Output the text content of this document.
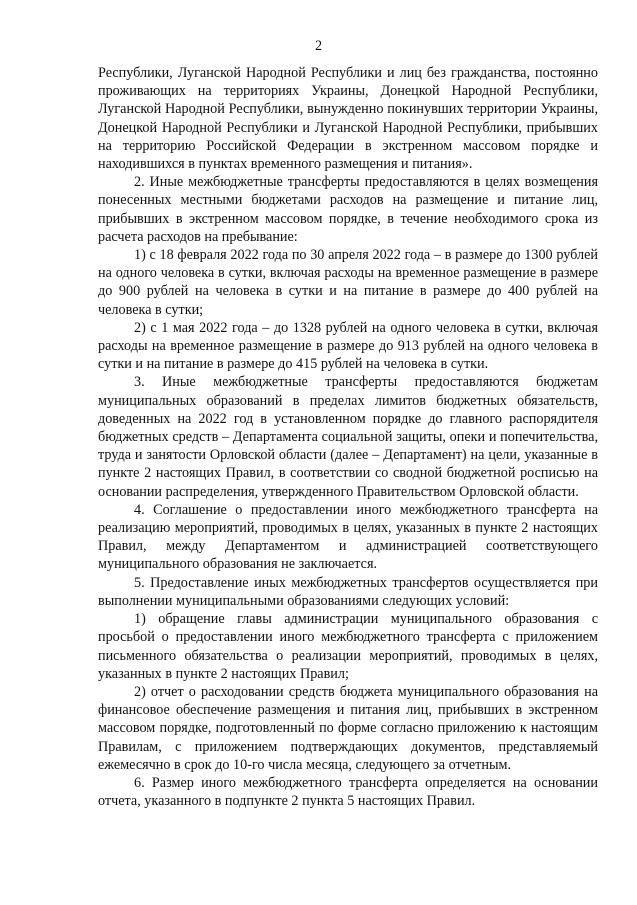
2

Республики, Луганской Народной Республики и лиц без гражданства, постоянно проживающих на территориях Украины, Донецкой Народной Республики, Луганской Народной Республики, вынужденно покинувших территории Украины, Донецкой Народной Республики и Луганской Народной Республики, прибывших на территорию Российской Федерации в экстренном массовом порядке и находившихся в пунктах временного размещения и питания».

2. Иные межбюджетные трансферты предоставляются в целях возмещения понесенных местными бюджетами расходов на размещение и питание лиц, прибывших в экстренном массовом порядке, в течение необходимого срока из расчета расходов на пребывание:

1) с 18 февраля 2022 года по 30 апреля 2022 года – в размере до 1300 рублей на одного человека в сутки, включая расходы на временное размещение в размере до 900 рублей на человека в сутки и на питание в размере до 400 рублей на человека в сутки;

2) с 1 мая 2022 года – до 1328 рублей на одного человека в сутки, включая расходы на временное размещение в размере до 913 рублей на одного человека в сутки и на питание в размере до 415 рублей на человека в сутки.

3. Иные межбюджетные трансферты предоставляются бюджетам муниципальных образований в пределах лимитов бюджетных обязательств, доведенных на 2022 год в установленном порядке до главного распорядителя бюджетных средств – Департамента социальной защиты, опеки и попечительства, труда и занятости Орловской области (далее – Департамент) на цели, указанные в пункте 2 настоящих Правил, в соответствии со сводной бюджетной росписью на основании распределения, утвержденного Правительством Орловской области.

4. Соглашение о предоставлении иного межбюджетного трансферта на реализацию мероприятий, проводимых в целях, указанных в пункте 2 настоящих Правил, между Департаментом и администрацией соответствующего муниципального образования не заключается.

5. Предоставление иных межбюджетных трансфертов осуществляется при выполнении муниципальными образованиями следующих условий:

1) обращение главы администрации муниципального образования с просьбой о предоставлении иного межбюджетного трансферта с приложением письменного обязательства о реализации мероприятий, проводимых в целях, указанных в пункте 2 настоящих Правил;

2) отчет о расходовании средств бюджета муниципального образования на финансовое обеспечение размещения и питания лиц, прибывших в экстренном массовом порядке, подготовленный по форме согласно приложению к настоящим Правилам, с приложением подтверждающих документов, представляемый ежемесячно в срок до 10-го числа месяца, следующего за отчетным.

6. Размер иного межбюджетного трансферта определяется на основании отчета, указанного в подпункте 2 пункта 5 настоящих Правил.
